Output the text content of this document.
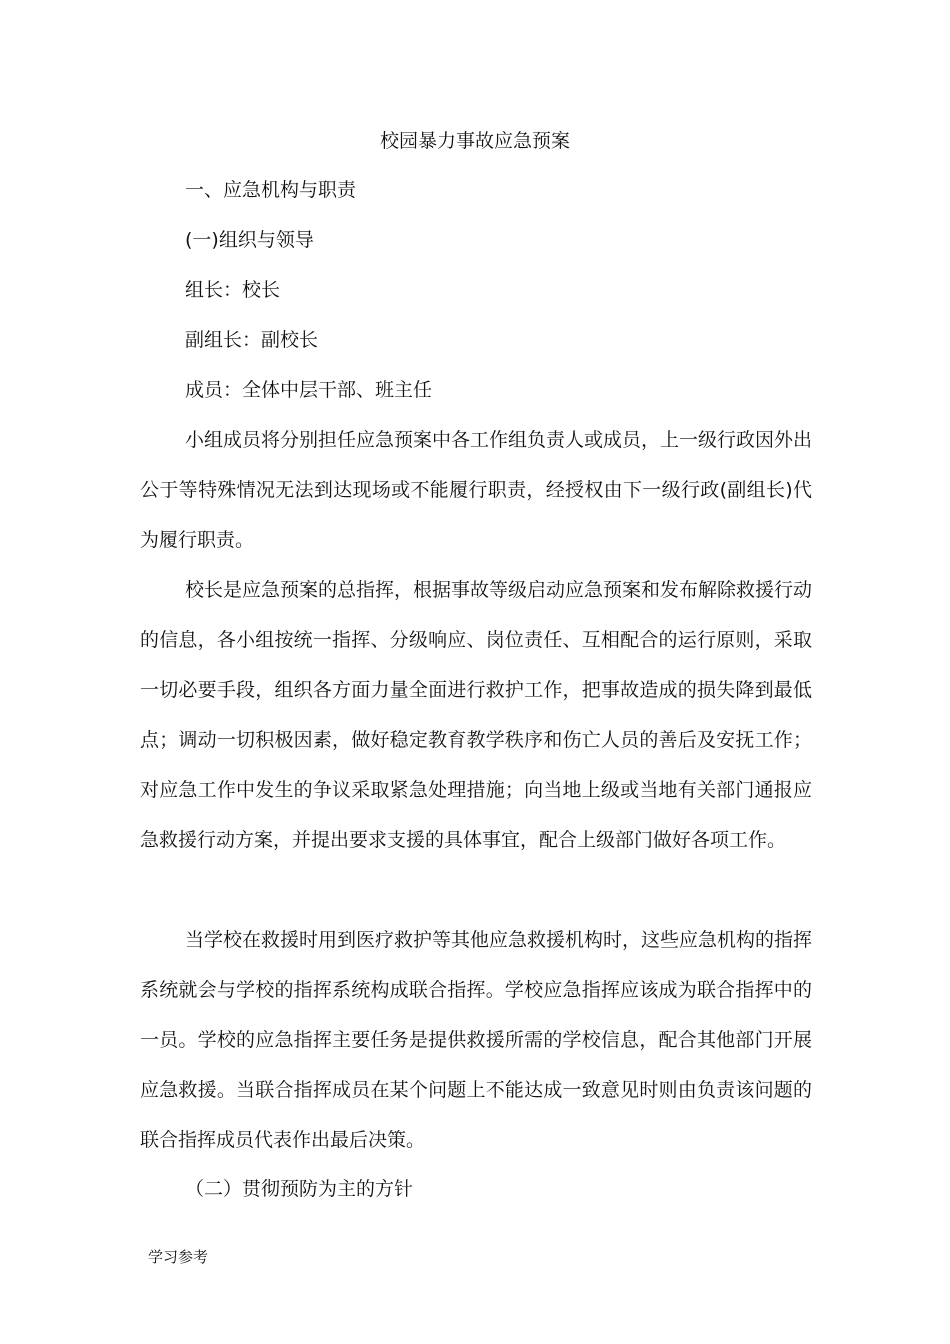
校园暴力事故应急预案
一、应急机构与职责
(一)组织与领导
组长：校长
副组长：副校长
成员：全体中层干部、班主任

小组成员将分别担任应急预案中各工作组负责人或成员，上一级行政因外出公于等特殊情况无法到达现场或不能履行职责，经授权由下一级行政(副组长)代为履行职责。

校长是应急预案的总指挥，根据事故等级启动应急预案和发布解除救援行动的信息，各小组按统一指挥、分级响应、岗位责任、互相配合的运行原则，采取一切必要手段，组织各方面力量全面进行救护工作，把事故造成的损失降到最低点；调动一切积极因素，做好稳定教育教学秩序和伤亡人员的善后及安抚工作；对应急工作中发生的争议采取紧急处理措施；向当地上级或当地有关部门通报应急救援行动方案，并提出要求支援的具体事宜，配合上级部门做好各项工作。

当学校在救援时用到医疗救护等其他应急救援机构时，这些应急机构的指挥系统就会与学校的指挥系统构成联合指挥。学校应急指挥应该成为联合指挥中的一员。学校的应急指挥主要任务是提供救援所需的学校信息，配合其他部门开展应急救援。当联合指挥成员在某个问题上不能达成一致意见时则由负责该问题的联合指挥成员代表作出最后决策。

（二）贯彻预防为主的方针
学习参考
